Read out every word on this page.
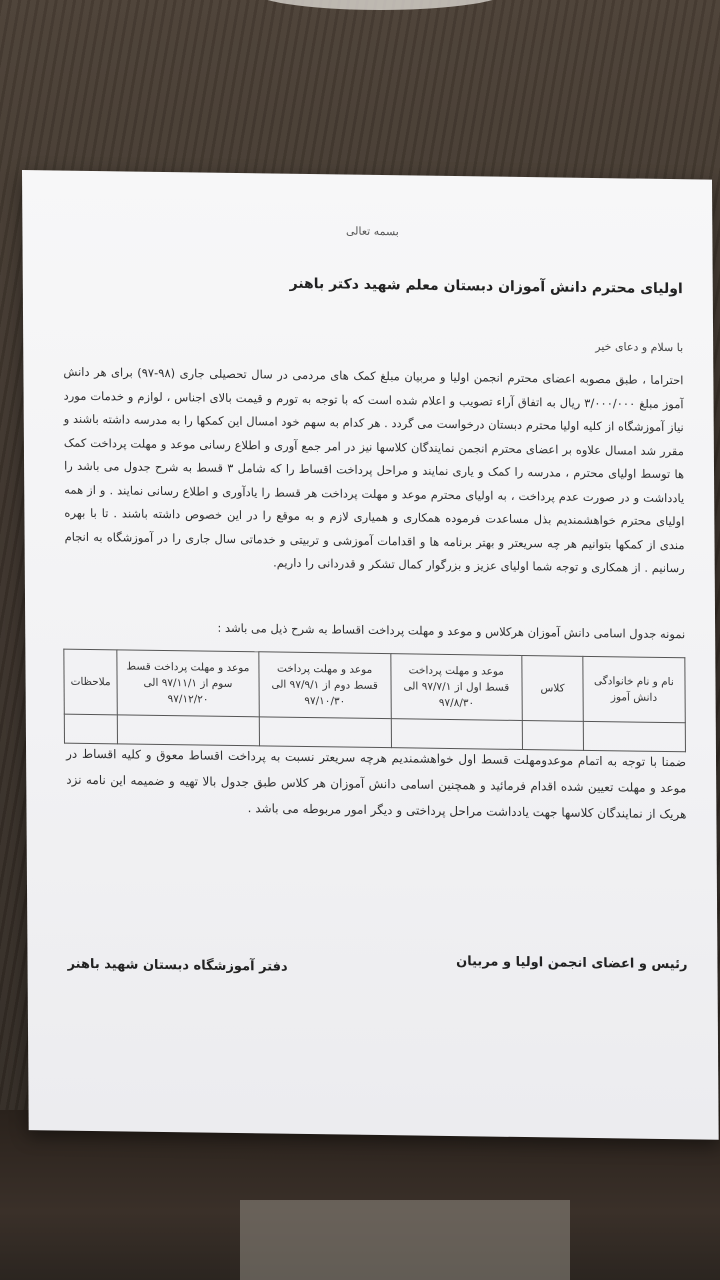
بسمه تعالی
اولیای محترم دانش آموزان دبستان معلم شهید دکتر باهنر
با سلام و دعای خیر
احتراما ، طبق مصوبه اعضای محترم انجمن اولیا و مربیان مبلغ کمک های مردمی در سال تحصیلی جاری (۹۸-۹۷) برای هر دانش آموز مبلغ ۳/۰۰۰/۰۰۰ ریال به اتفاق آراء تصویب و اعلام شده است که با توجه به تورم و قیمت بالای اجناس ، لوازم و خدمات مورد نیاز آموزشگاه از کلیه اولیا محترم دبستان درخواست می گردد . هر کدام به سهم خود امسال این کمکها را به مدرسه داشته باشند و مقرر شد امسال علاوه بر اعضای محترم انجمن نمایندگان کلاسها نیز در امر جمع آوری و اطلاع رسانی موعد و مهلت پرداخت کمک ها توسط اولیای محترم ، مدرسه را کمک و یاری نمایند و مراحل پرداخت اقساط را که شامل ۳ قسط به شرح جدول می باشد را یادداشت و در صورت عدم پرداخت ، به اولیای محترم موعد و مهلت پرداخت هر قسط را یادآوری و اطلاع رسانی نمایند . و از همه اولیای محترم خواهشمندیم بذل مساعدت فرموده همکاری و همیاری لازم و به موقع را در این خصوص داشته باشند . تا با بهره مندی از کمکها بتوانیم هر چه سریعتر و بهتر برنامه ها و اقدامات آموزشی و تربیتی و خدماتی سال جاری را در آموزشگاه به انجام رسانیم . از همکاری و توجه شما اولیای عزیز و بزرگوار کمال تشکر و قدردانی را داریم.
نمونه جدول اسامی دانش آموزان هرکلاس و موعد و مهلت پرداخت اقساط به شرح ذیل می باشد :
نام و نام خانوادگی دانش آموز	کلاس	موعد و مهلت پرداخت قسط اول از ۹۷/۷/۱ الی ۹۷/۸/۳۰	موعد و مهلت پرداخت قسط دوم از ۹۷/۹/۱ الی ۹۷/۱۰/۳۰	موعد و مهلت پرداخت قسط سوم از ۹۷/۱۱/۱ الی ۹۷/۱۲/۲۰	ملاحظات

ضمنا با توجه به اتمام موعدومهلت قسط اول خواهشمندیم هرچه سریعتر نسبت به پرداخت اقساط معوق و کلیه اقساط در موعد و مهلت تعیین شده اقدام فرمائید و همچنین اسامی دانش آموزان هر کلاس طبق جدول بالا تهیه و ضمیمه این نامه نزد هریک از نمایندگان کلاسها جهت یادداشت مراحل پرداختی و دیگر امور مربوطه می باشد .
رئیس و اعضای انجمن اولیا و مربیان
دفتر آموزشگاه دبستان شهید باهنر
